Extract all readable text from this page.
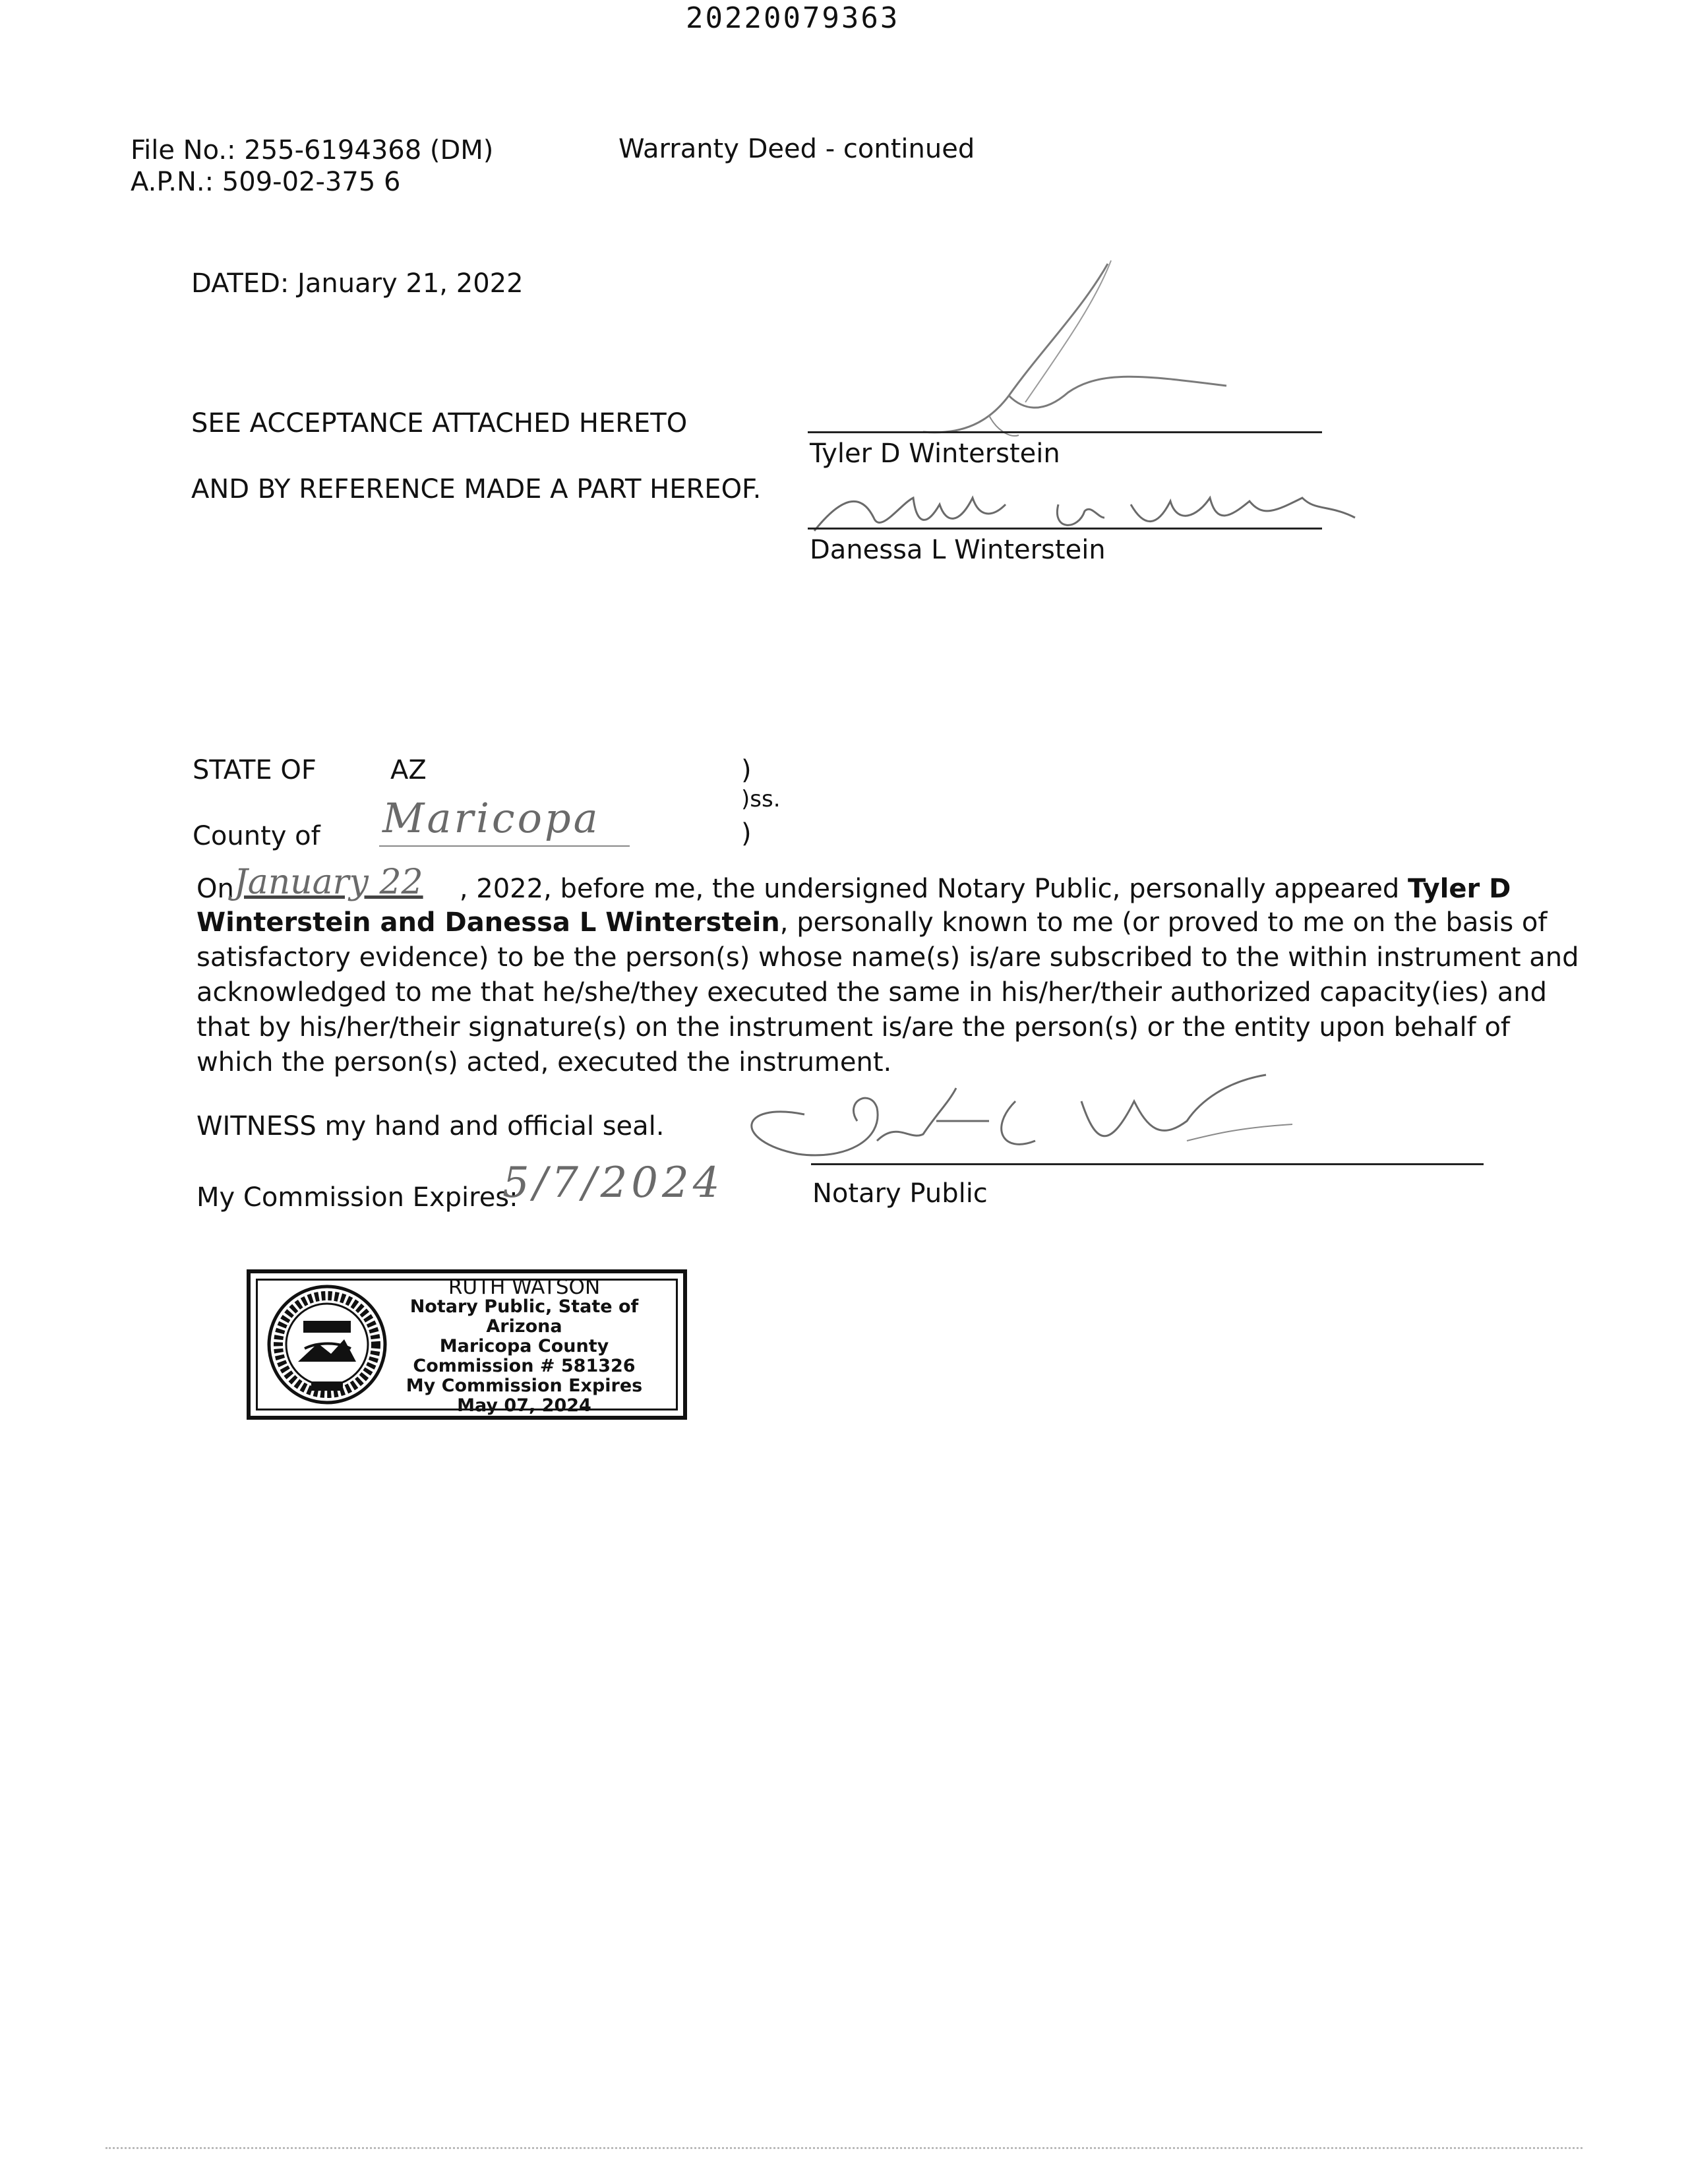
20220079363
File No.: 255-6194368 (DM)
A.P.N.: 509-02-375 6
Warranty Deed - continued
DATED: January 21, 2022
SEE ACCEPTANCE ATTACHED HERETO
AND BY REFERENCE MADE A PART HEREOF.
Tyler D Winterstein
Danessa L Winterstein
STATE OF	AZ	)
)ss.
)
County of Maricopa
OnJanuary 22 , 2022, before me, the undersigned Notary Public, personally appeared Tyler D
Winterstein and Danessa L Winterstein, personally known to me (or proved to me on the basis of
satisfactory evidence) to be the person(s) whose name(s) is/are subscribed to the within instrument and
acknowledged to me that he/she/they executed the same in his/her/their authorized capacity(ies) and
that by his/her/their signature(s) on the instrument is/are the person(s) or the entity upon behalf of
which the person(s) acted, executed the instrument.
WITNESS my hand and official seal.
Notary Public
My Commission Expires:
5/7/2024
RUTH WATSON
Notary Public, State of Arizona
Maricopa County
Commission # 581326
My Commission Expires
May 07, 2024
